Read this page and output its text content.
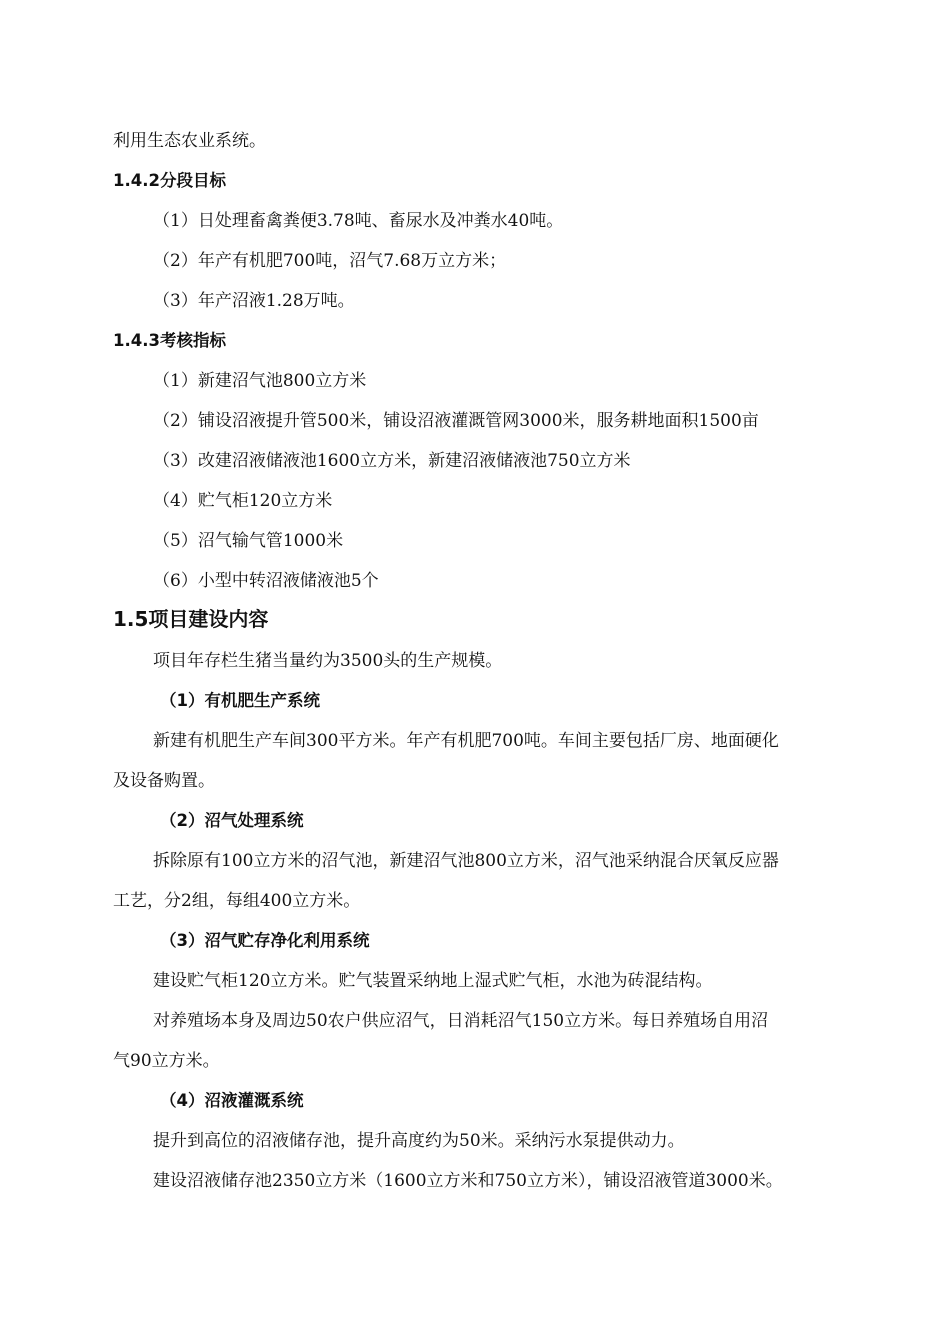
利用生态农业系统。
1.4.2分段目标
（1）日处理畜禽粪便3.78吨、畜尿水及冲粪水40吨。
（2）年产有机肥700吨，沼气7.68万立方米；
（3）年产沼液1.28万吨。
1.4.3考核指标
（1）新建沼气池800立方米
（2）铺设沼液提升管500米，铺设沼液灌溉管网3000米，服务耕地面积1500亩
（3）改建沼液储液池1600立方米，新建沼液储液池750立方米
（4）贮气柜120立方米
（5）沼气输气管1000米
（6）小型中转沼液储液池5个
1.5项目建设内容
项目年存栏生猪当量约为3500头的生产规模。
（1）有机肥生产系统
新建有机肥生产车间300平方米。年产有机肥700吨。车间主要包括厂房、地面硬化
及设备购置。
（2）沼气处理系统
拆除原有100立方米的沼气池，新建沼气池800立方米，沼气池采纳混合厌氧反应器
工艺，分2组，每组400立方米。
（3）沼气贮存净化利用系统
建设贮气柜120立方米。贮气装置采纳地上湿式贮气柜，水池为砖混结构。
对养殖场本身及周边50农户供应沼气，日消耗沼气150立方米。每日养殖场自用沼
气90立方米。
（4）沼液灌溉系统
提升到高位的沼液储存池，提升高度约为50米。采纳污水泵提供动力。
建设沼液储存池2350立方米（1600立方米和750立方米），铺设沼液管道3000米。
